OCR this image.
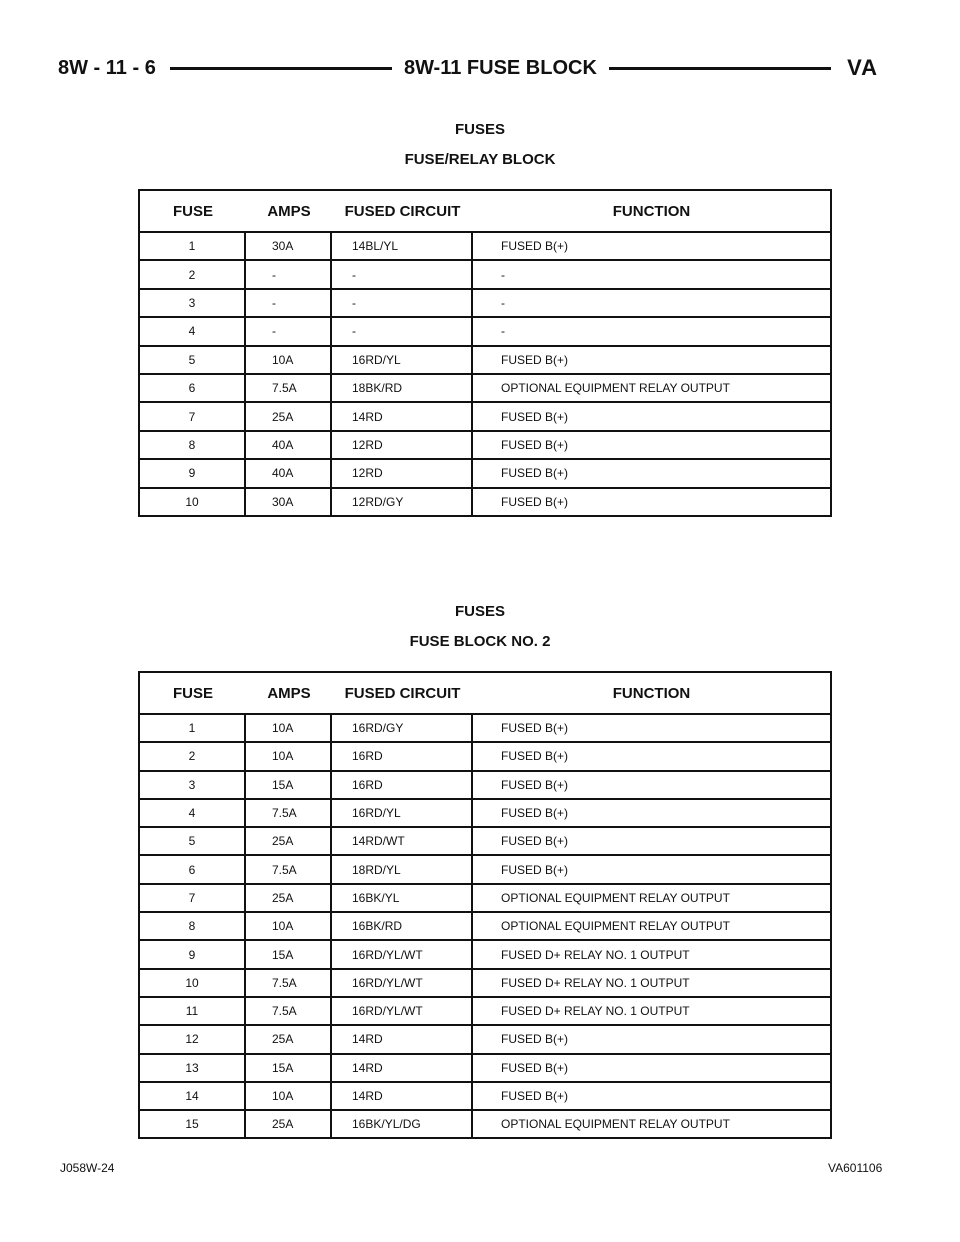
8W - 11 - 6	8W-11 FUSE BLOCK	VA
FUSES
FUSE/RELAY BLOCK
FUSE	AMPS	FUSED CIRCUIT	FUNCTION
1	30A	14BL/YL	FUSED B(+)
2	-	-	-
3	-	-	-
4	-	-	-
5	10A	16RD/YL	FUSED B(+)
6	7.5A	18BK/RD	OPTIONAL EQUIPMENT RELAY OUTPUT
7	25A	14RD	FUSED B(+)
8	40A	12RD	FUSED B(+)
9	40A	12RD	FUSED B(+)
10	30A	12RD/GY	FUSED B(+)
FUSES
FUSE BLOCK NO. 2
FUSE	AMPS	FUSED CIRCUIT	FUNCTION
1	10A	16RD/GY	FUSED B(+)
2	10A	16RD	FUSED B(+)
3	15A	16RD	FUSED B(+)
4	7.5A	16RD/YL	FUSED B(+)
5	25A	14RD/WT	FUSED B(+)
6	7.5A	18RD/YL	FUSED B(+)
7	25A	16BK/YL	OPTIONAL EQUIPMENT RELAY OUTPUT
8	10A	16BK/RD	OPTIONAL EQUIPMENT RELAY OUTPUT
9	15A	16RD/YL/WT	FUSED D+ RELAY NO. 1 OUTPUT
10	7.5A	16RD/YL/WT	FUSED D+ RELAY NO. 1 OUTPUT
11	7.5A	16RD/YL/WT	FUSED D+ RELAY NO. 1 OUTPUT
12	25A	14RD	FUSED B(+)
13	15A	14RD	FUSED B(+)
14	10A	14RD	FUSED B(+)
15	25A	16BK/YL/DG	OPTIONAL EQUIPMENT RELAY OUTPUT
J058W-24	VA601106
